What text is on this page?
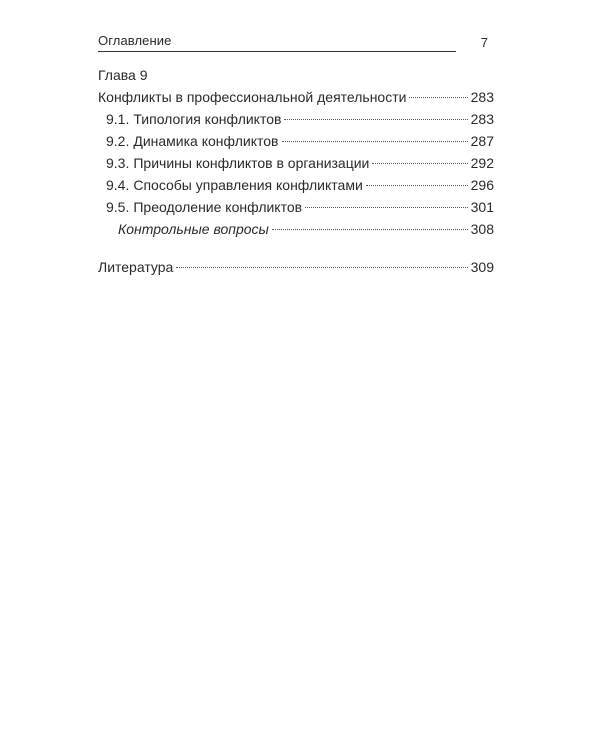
Оглавление	7
Глава 9
Конфликты в профессиональной деятельности	283
9.1. Типология конфликтов	283
9.2. Динамика конфликтов	287
9.3. Причины конфликтов в организации	292
9.4. Способы управления конфликтами	296
9.5. Преодоление конфликтов	301
Контрольные вопросы	308
Литература	309
